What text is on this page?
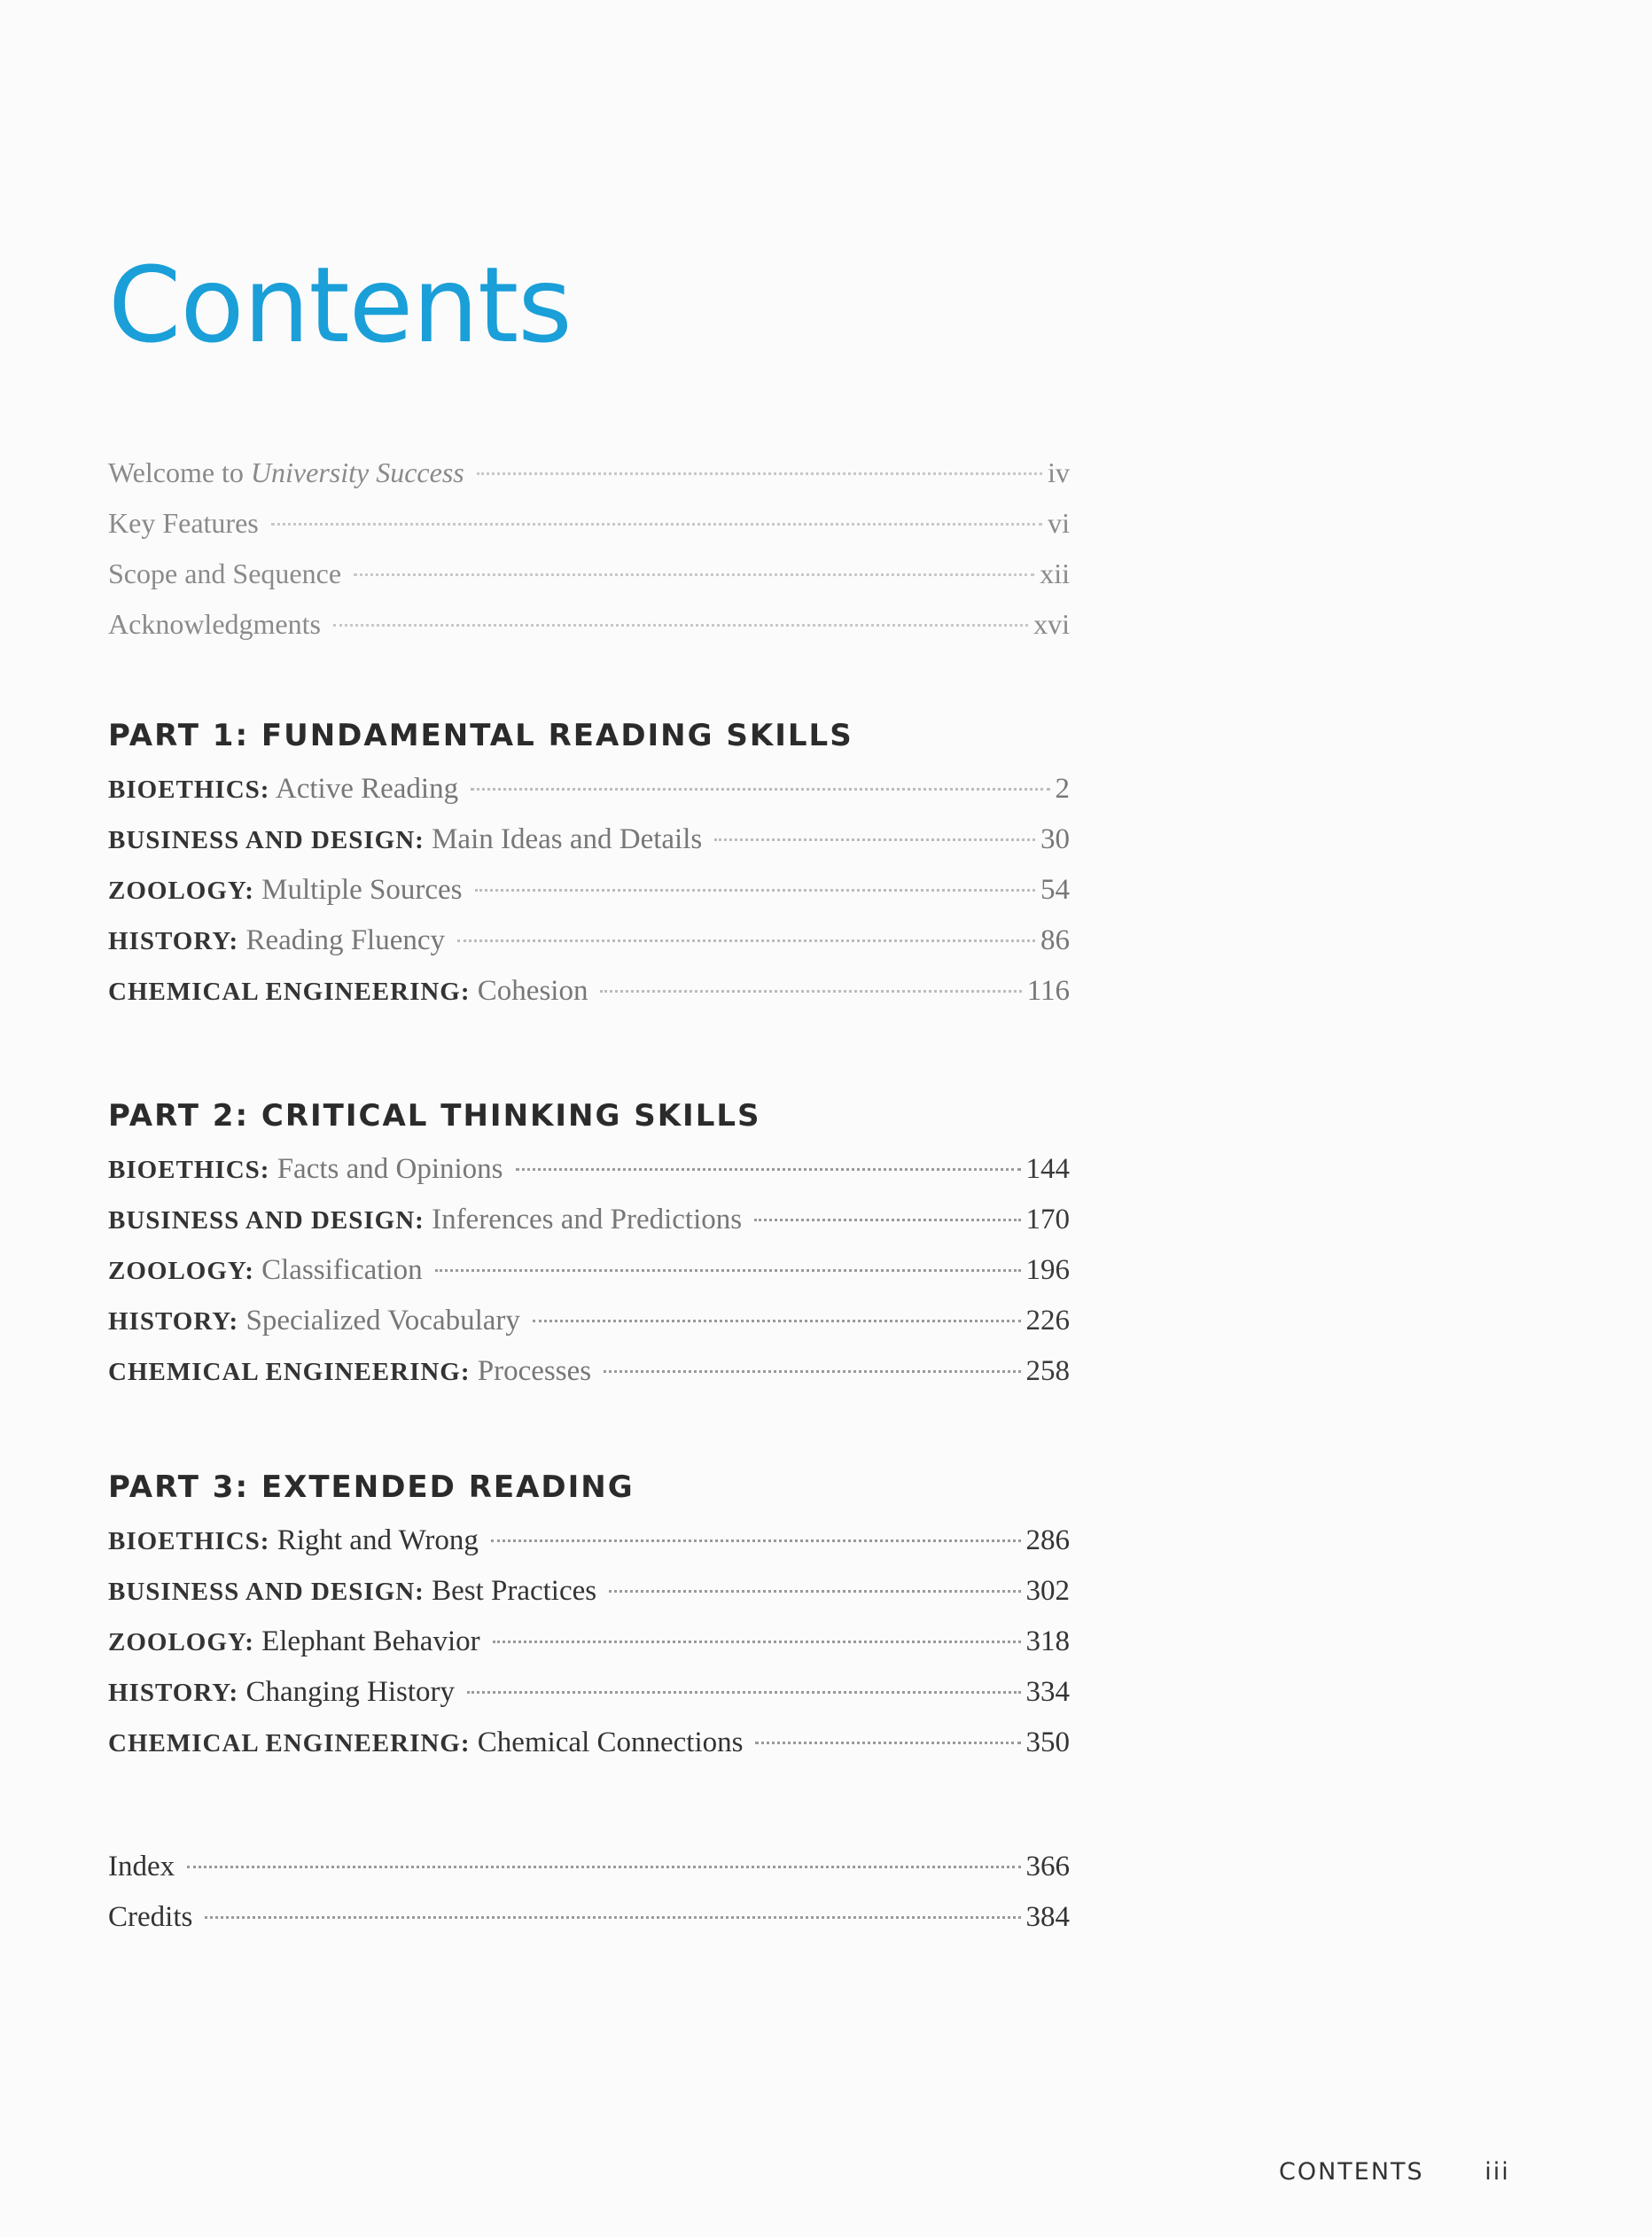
Contents
Welcome to University Success	iv
Key Features	vi
Scope and Sequence	xii
Acknowledgments	xvi
PART 1: FUNDAMENTAL READING SKILLS
BIOETHICS: Active Reading	2
BUSINESS AND DESIGN: Main Ideas and Details	30
ZOOLOGY: Multiple Sources	54
HISTORY: Reading Fluency	86
CHEMICAL ENGINEERING: Cohesion	116
PART 2: CRITICAL THINKING SKILLS
BIOETHICS: Facts and Opinions	144
BUSINESS AND DESIGN: Inferences and Predictions	170
ZOOLOGY: Classification	196
HISTORY: Specialized Vocabulary	226
CHEMICAL ENGINEERING: Processes	258
PART 3: EXTENDED READING
BIOETHICS: Right and Wrong	286
BUSINESS AND DESIGN: Best Practices	302
ZOOLOGY: Elephant Behavior	318
HISTORY: Changing History	334
CHEMICAL ENGINEERING: Chemical Connections	350
Index	366
Credits	384
CONTENTS	iii
